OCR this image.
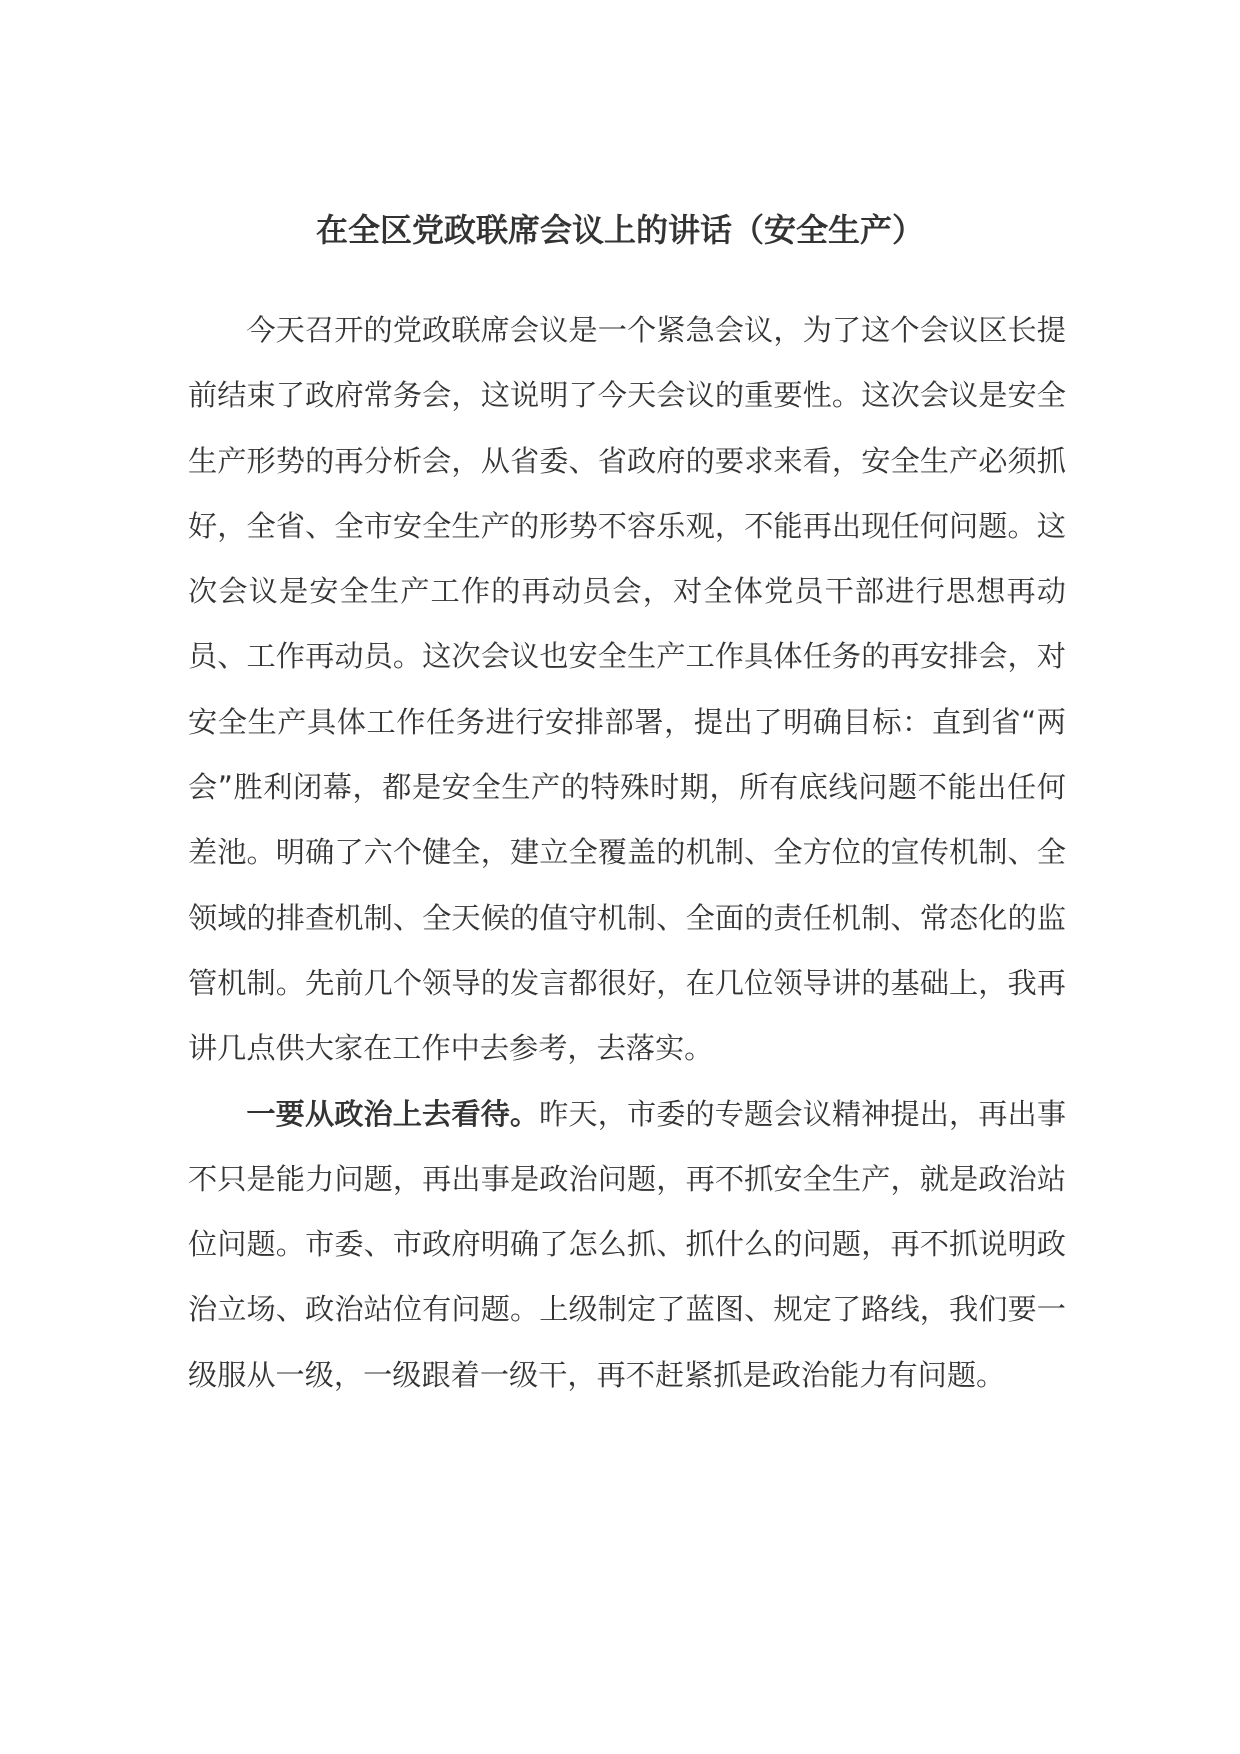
在全区党政联席会议上的讲话（安全生产）

今天召开的党政联席会议是一个紧急会议，为了这个会议区长提前结束了政府常务会，这说明了今天会议的重要性。这次会议是安全生产形势的再分析会，从省委、省政府的要求来看，安全生产必须抓好，全省、全市安全生产的形势不容乐观，不能再出现任何问题。这次会议是安全生产工作的再动员会，对全体党员干部进行思想再动员、工作再动员。这次会议也安全生产工作具体任务的再安排会，对安全生产具体工作任务进行安排部署，提出了明确目标：直到省“两会”胜利闭幕，都是安全生产的特殊时期，所有底线问题不能出任何差池。明确了六个健全，建立全覆盖的机制、全方位的宣传机制、全领域的排查机制、全天候的值守机制、全面的责任机制、常态化的监管机制。先前几个领导的发言都很好，在几位领导讲的基础上，我再讲几点供大家在工作中去参考，去落实。

一要从政治上去看待。昨天，市委的专题会议精神提出，再出事不只是能力问题，再出事是政治问题，再不抓安全生产，就是政治站位问题。市委、市政府明确了怎么抓、抓什么的问题，再不抓说明政治立场、政治站位有问题。上级制定了蓝图、规定了路线，我们要一级服从一级，一级跟着一级干，再不赶紧抓是政治能力有问题。
